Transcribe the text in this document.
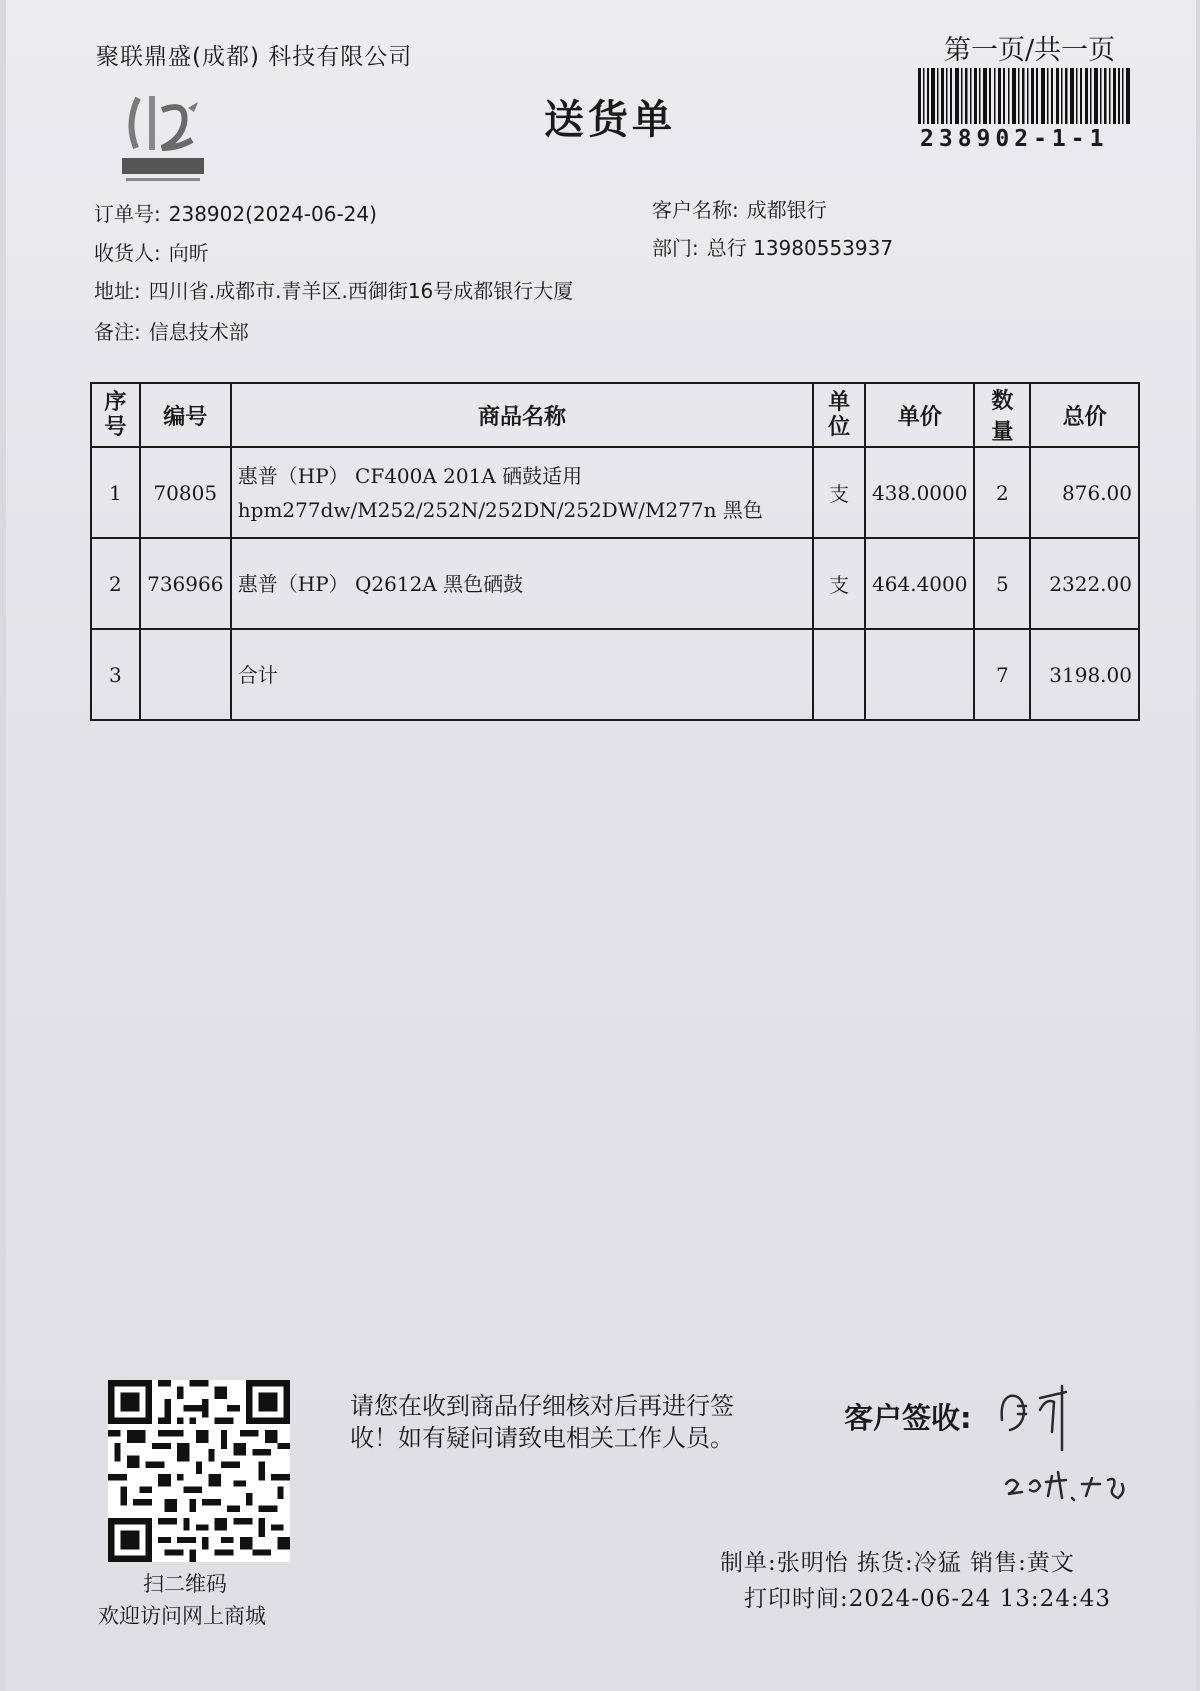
聚联鼎盛(成都) 科技有限公司
送货单
第一页/共一页
238902-1-1
订单号: 238902(2024-06-24)
收货人: 向昕
地址: 四川省.成都市.青羊区.西御街16号成都银行大厦
备注: 信息技术部
客户名称: 成都银行
部门: 总行 13980553937
序号	编号	商品名称	单位	单价	数量	总价
1	70805	惠普（HP） CF400A 201A 硒鼓适用
hpm277dw/M252/252N/252DN/252DW/M277n 黑色	支	438.0000	2	876.00
2	736966	惠普（HP） Q2612A 黑色硒鼓	支	464.4000	5	2322.00
3		合计			7	3198.00
扫二维码
欢迎访问网上商城
请您在收到商品仔细核对后再进行签收！如有疑问请致电相关工作人员。
客户签收:
制单:张明怡 拣货:冷猛 销售:黄文
打印时间:2024-06-24 13:24:43
